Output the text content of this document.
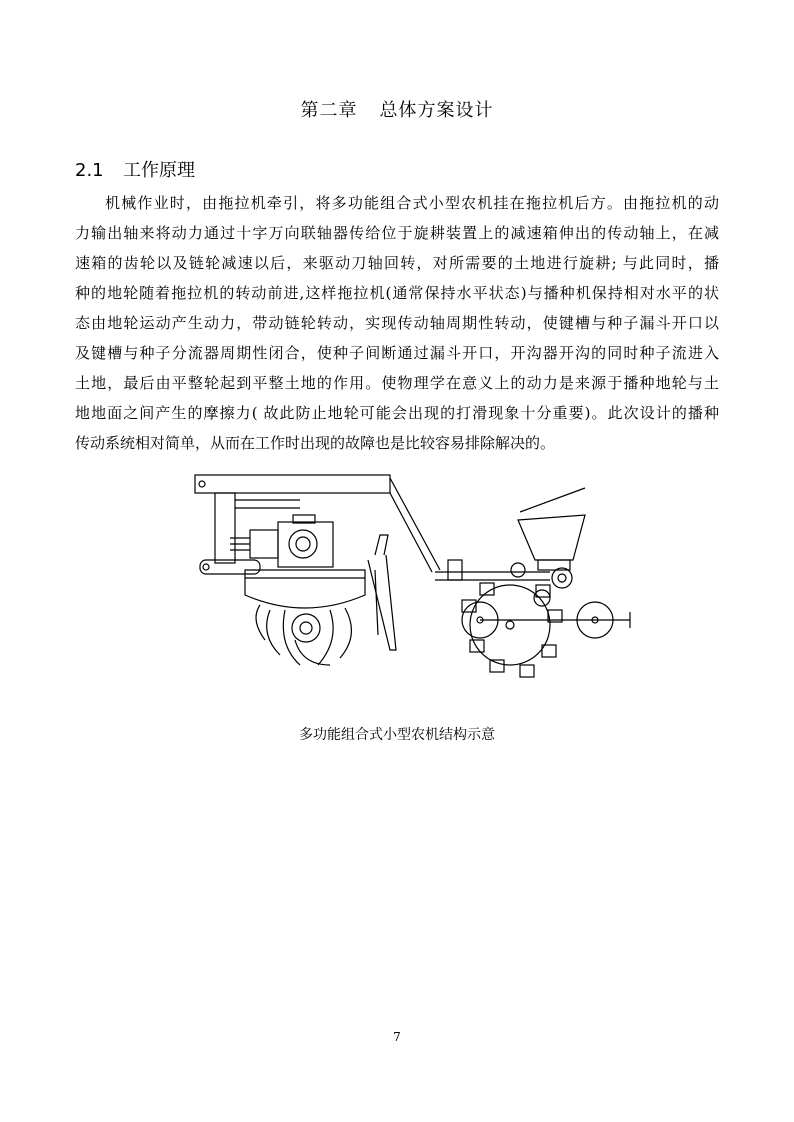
第二章 总体方案设计
2.1 工作原理

机械作业时，由拖拉机牵引，将多功能组合式小型农机挂在拖拉机后方。由拖拉机的动
力输出轴来将动力通过十字万向联轴器传给位于旋耕装置上的减速箱伸出的传动轴上，在减
速箱的齿轮以及链轮减速以后，来驱动刀轴回转，对所需要的土地进行旋耕; 与此同时，播
种的地轮随着拖拉机的转动前进,这样拖拉机(通常保持水平状态)与播种机保持相对水平的状
态由地轮运动产生动力，带动链轮转动，实现传动轴周期性转动，使键槽与种子漏斗开口以
及键槽与种子分流器周期性闭合，使种子间断通过漏斗开口，开沟器开沟的同时种子流进入
土地，最后由平整轮起到平整土地的作用。使物理学在意义上的动力是来源于播种地轮与土
地地面之间产生的摩擦力( 故此防止地轮可能会出现的打滑现象十分重要)。此次设计的播种
传动系统相对简单，从而在工作时出现的故障也是比较容易排除解决的。

多功能组合式小型农机结构示意
7
